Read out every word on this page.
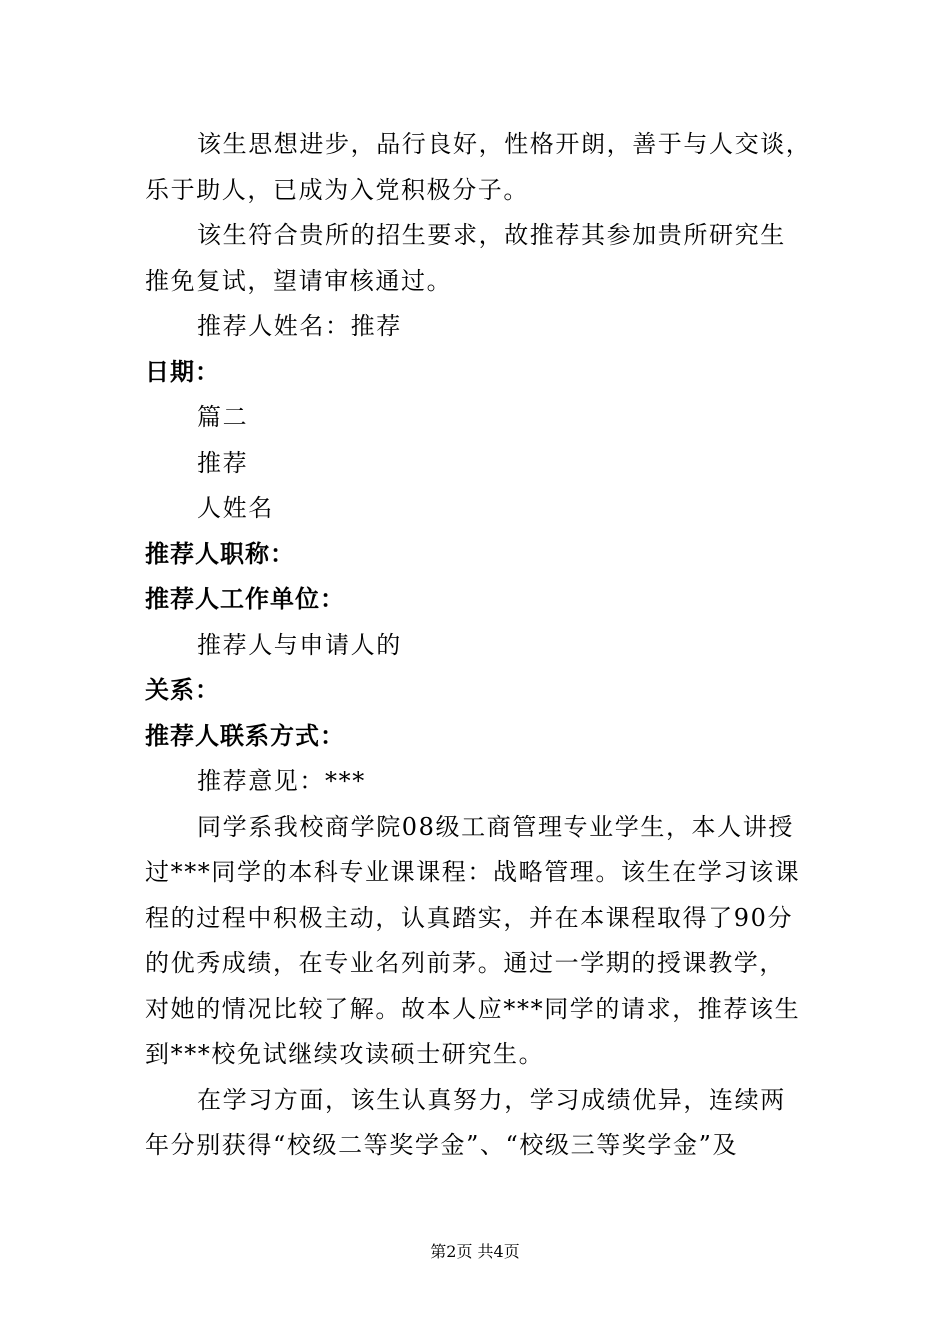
该生思想进步，品行良好，性格开朗，善于与人交谈，
乐于助人，已成为入党积极分子。
该生符合贵所的招生要求，故推荐其参加贵所研究生
推免复试，望请审核通过。
推荐人姓名：推荐
日期：
篇二
推荐
人姓名
推荐人职称：
推荐人工作单位：
推荐人与申请人的
关系：
推荐人联系方式：
推荐意见：***
同学系我校商学院08级工商管理专业学生，本人讲授
过***同学的本科专业课课程：战略管理。该生在学习该课
程的过程中积极主动，认真踏实，并在本课程取得了90分
的优秀成绩，在专业名列前茅。通过一学期的授课教学，
对她的情况比较了解。故本人应***同学的请求，推荐该生
到***校免试继续攻读硕士研究生。
在学习方面，该生认真努力，学习成绩优异，连续两
年分别获得“校级二等奖学金”、“校级三等奖学金”及
第2页 共4页
